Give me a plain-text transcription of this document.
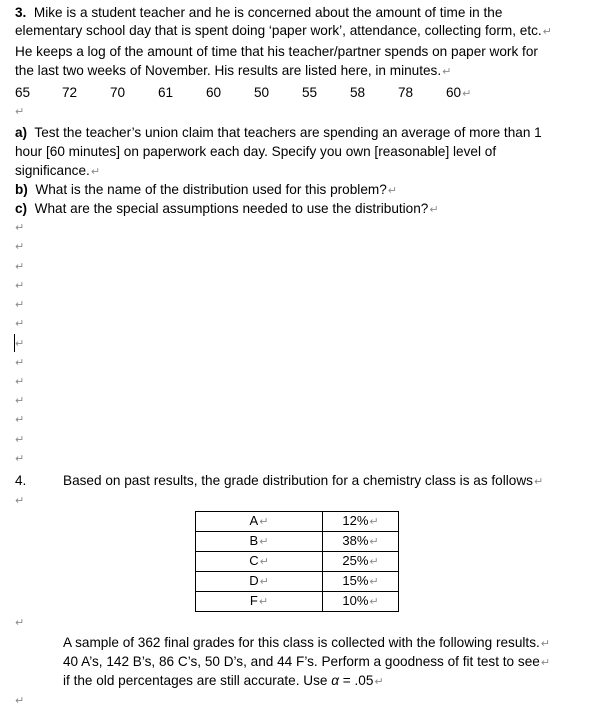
3. Mike is a student teacher and he is concerned about the amount of time in the
elementary school day that is spent doing ‘paper work’, attendance, collecting form, etc.↵
He keeps a log of the amount of time that his teacher/partner spends on paper work for
the last two weeks of November. His results are listed here, in minutes.↵
65 72 70 61 60 50 55 58 78 60↵
↵
a) Test the teacher’s union claim that teachers are spending an average of more than 1
hour [60 minutes] on paperwork each day. Specify you own [reasonable] level of
significance.↵
b) What is the name of the distribution used for this problem?↵
c) What are the special assumptions needed to use the distribution?↵
↵
↵
↵
↵
↵
↵
↵
↵
↵
↵
↵
↵
↵
4.	Based on past results, the grade distribution for a chemistry class is as follows↵
↵
A↵	12%↵
B↵	38%↵
C↵	25%↵
D↵	15%↵
F↵	10%↵
↵
A sample of 362 final grades for this class is collected with the following results.↵
40 A’s, 142 B’s, 86 C’s, 50 D’s, and 44 F’s. Perform a goodness of fit test to see↵
if the old percentages are still accurate. Use α = .05↵
↵
